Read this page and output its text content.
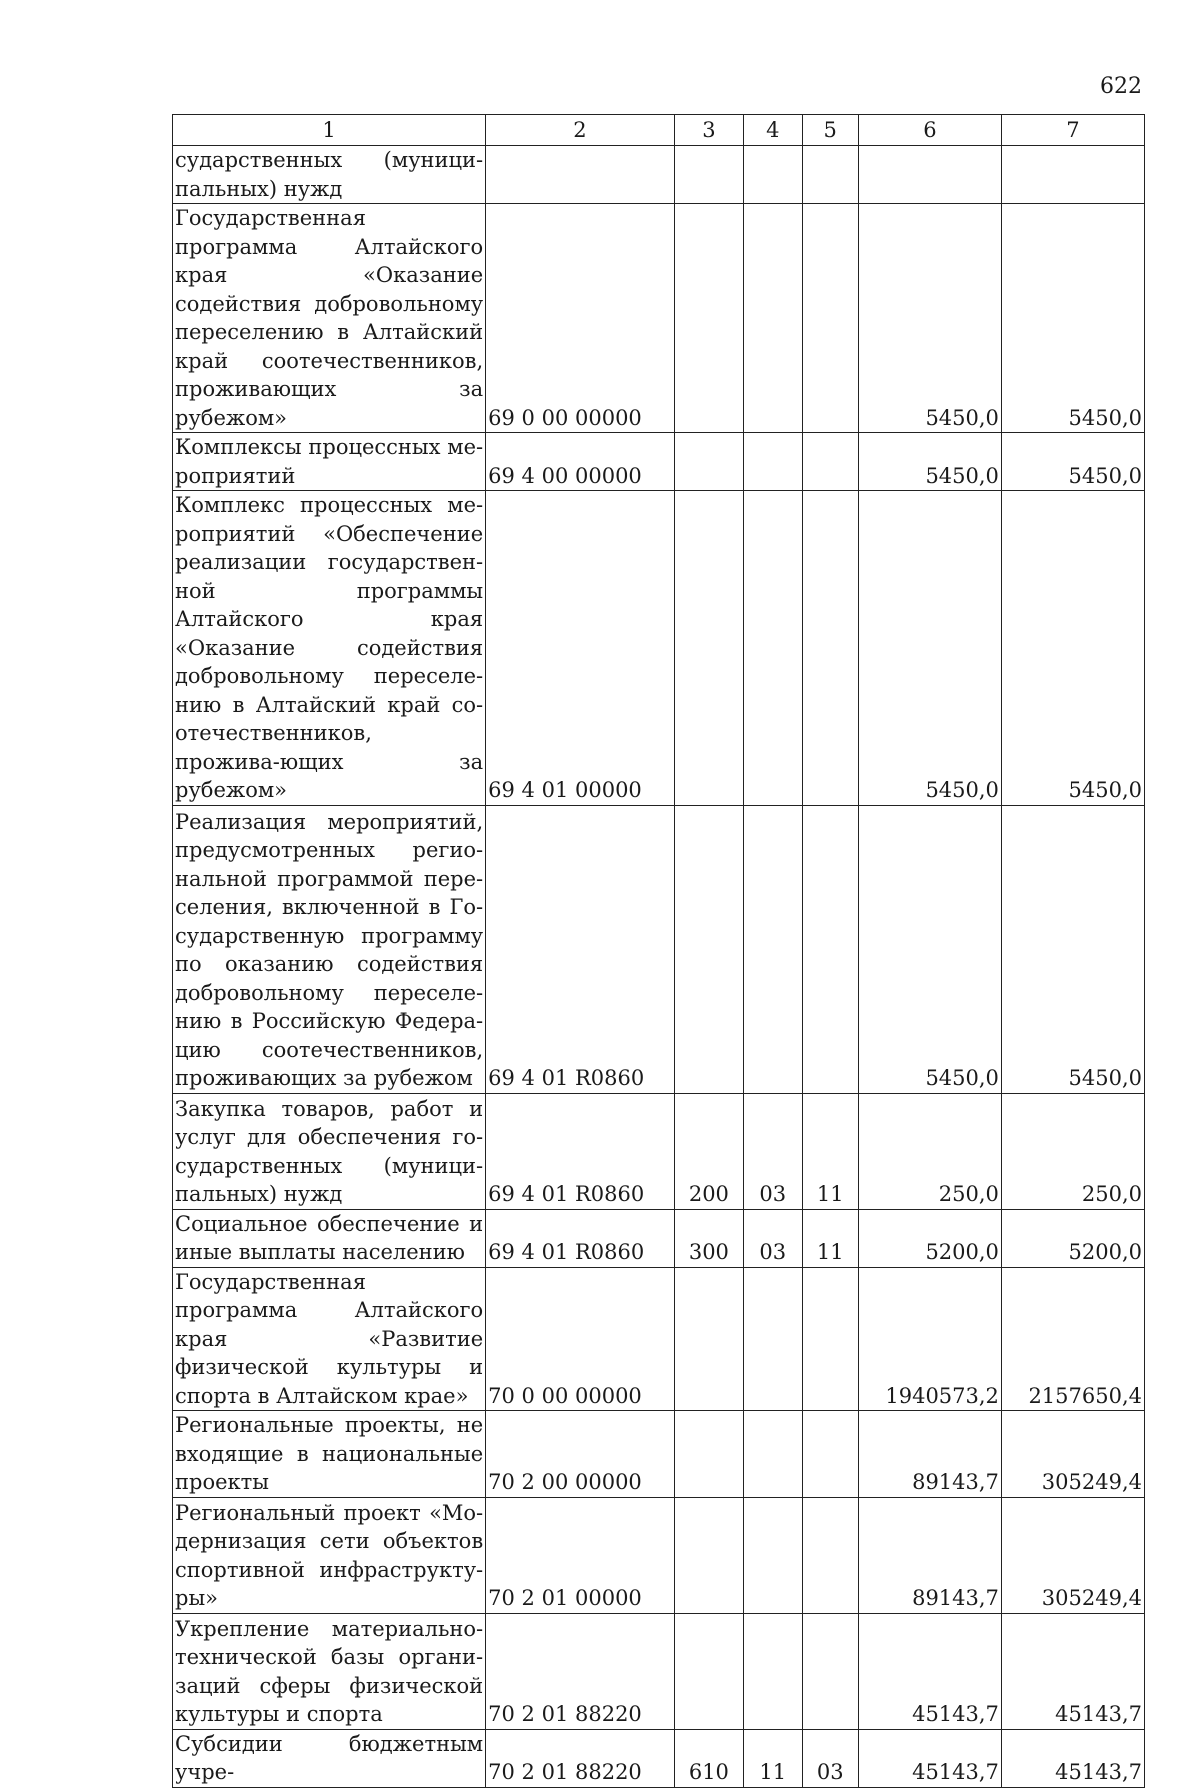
622
1	2	3	4	5	6	7
сударственных (муници-пальных) нужд						
Государственная программа Алтайского края «Оказание содействия добровольному переселению в Алтайский край соотечественников, проживающих за рубежом»	69 0 00 00000				5450,0	5450,0
Комплексы процессных ме-роприятий	69 4 00 00000				5450,0	5450,0
Комплекс процессных ме-роприятий «Обеспечение реализации государствен-ной программы Алтайского края «Оказание содействия добровольному переселе-нию в Алтайский край со-отечественников, прожива-ющих за рубежом»	69 4 01 00000				5450,0	5450,0
Реализация мероприятий, предусмотренных регио-нальной программой пере-селения, включенной в Го-сударственную программу по оказанию содействия добровольному переселе-нию в Российскую Федера-цию соотечественников, проживающих за рубежом	69 4 01 R0860				5450,0	5450,0
Закупка товаров, работ и услуг для обеспечения го-сударственных (муници-пальных) нужд	69 4 01 R0860	200	03	11	250,0	250,0
Социальное обеспечение и иные выплаты населению	69 4 01 R0860	300	03	11	5200,0	5200,0
Государственная программа Алтайского края «Развитие физической культуры и спорта в Алтайском крае»	70 0 00 00000				1940573,2	2157650,4
Региональные проекты, не входящие в национальные проекты	70 2 00 00000				89143,7	305249,4
Региональный проект «Мо-дернизация сети объектов спортивной инфраструкту-ры»	70 2 01 00000				89143,7	305249,4
Укрепление материально-технической базы органи-заций сферы физической культуры и спорта	70 2 01 88220				45143,7	45143,7
Субсидии бюджетным учре-	70 2 01 88220	610	11	03	45143,7	45143,7
